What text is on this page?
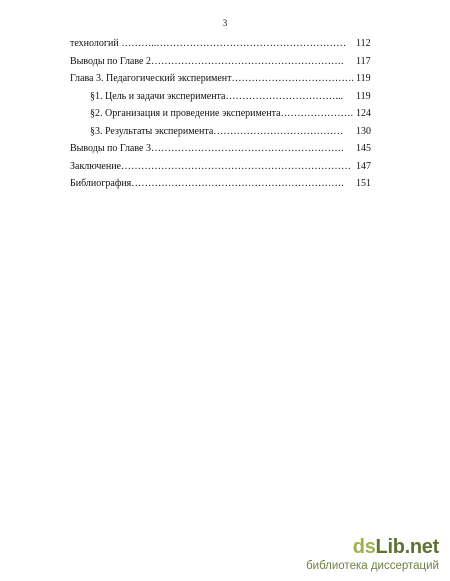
3
технологий ………..………………………………………………… 112
Выводы по Главе 2…………………………………………………. 117
Глава 3. Педагогический эксперимент………………………………. 119
§1. Цель и задачи эксперимента……………………………... 119
§2. Организация и проведение эксперимента…………………. 124
§3. Результаты эксперимента………………………………… 130
Выводы по Главе 3…………………………………………………. 145
Заключение…………………………………………………………… 147
Библиография………………………………………………………. 151
dsLib.net
библиотека диссертаций
